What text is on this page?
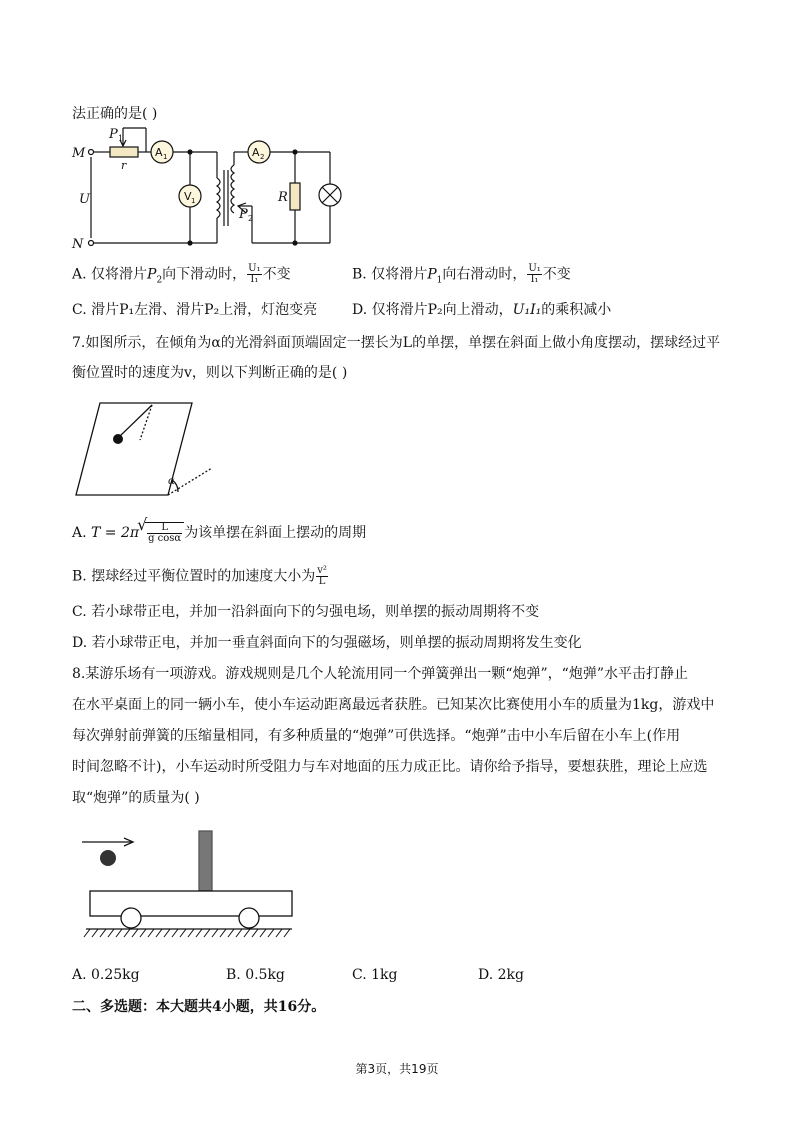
法正确的是( )
M
N
U
P 1
r
P 2
R
A 1
V 1
A 2
A. 仅将滑片$P_2$向下滑动时， $\frac{\text{U₁}}{\text{I₁}}$ 不变	B. 仅将滑片$P_1$向右滑动时， $\frac{\text{U₁}}{\text{I₁}}$ 不变
C. 滑片P₁左滑、滑片P₂上滑，灯泡变亮 D. 仅将滑片P₂向上滑动，U₁I₁的乘积减小
7.如图所示，在倾角为α的光滑斜面顶端固定一摆长为L的单摆，单摆在斜面上做小角度摆动，摆球经过平
衡位置时的速度为v，则以下判断正确的是( )
α
A. T = 2π
√ $\frac{L}{\text{g cosα}}$ 为该单摆在斜面上摆动的周期
B. 摆球经过平衡位置时的加速度大小为 $\frac{\text{v²}}{L}$
C. 若小球带正电，并加一沿斜面向下的匀强电场，则单摆的振动周期将不变
D. 若小球带正电，并加一垂直斜面向下的匀强磁场，则单摆的振动周期将发生变化
8.某游乐场有一项游戏。游戏规则是几个人轮流用同一个弹簧弹出一颗“炮弹”，“炮弹”水平击打静止
在水平桌面上的同一辆小车，使小车运动距离最远者获胜。已知某次比赛使用小车的质量为1kg，游戏中
每次弹射前弹簧的压缩量相同，有多种质量的“炮弹”可供选择。“炮弹”击中小车后留在小车上(作用
时间忽略不计)，小车运动时所受阻力与车对地面的压力成正比。请你给予指导，要想获胜，理论上应选
取“炮弹”的质量为( )
A. 0.25kg	B. 0.5kg	C. 1kg	D. 2kg
二、多选题：本大题共4小题，共16分。
第3页，共19页
